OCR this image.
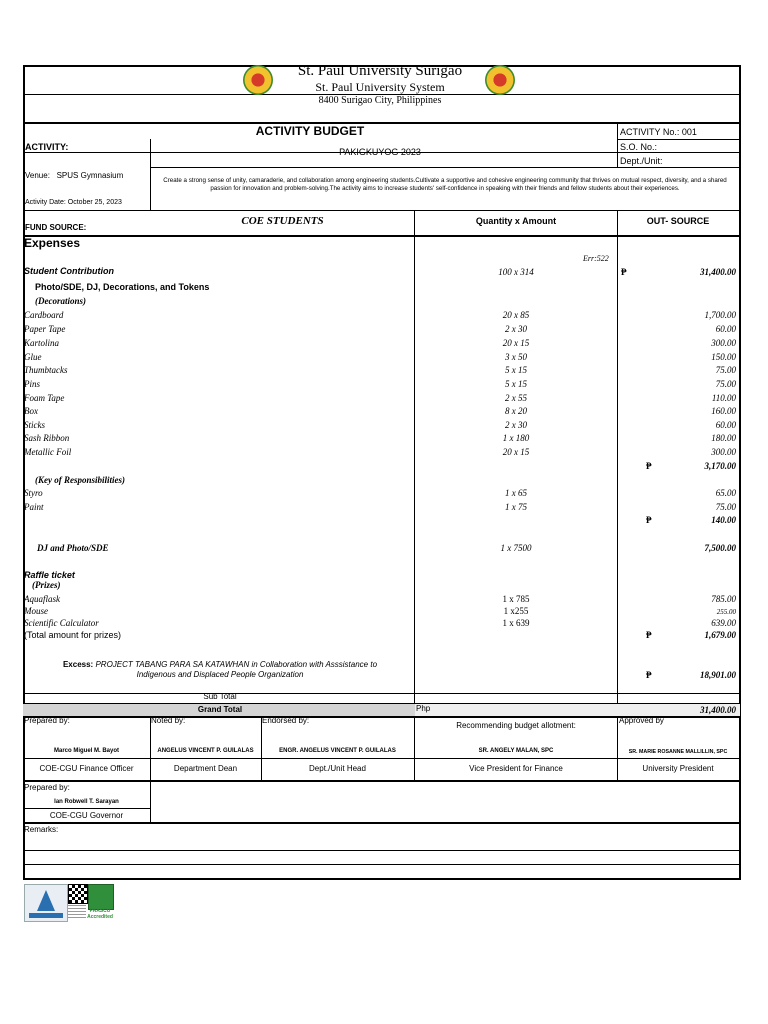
St. Paul University Surigao
St. Paul University System
8400 Surigao City, Philippines
ACTIVITY BUDGET	ACTIVITY No.: 001
ACTIVITY:	PAKIGKUYOG 2023	S.O. No.:
Dept./Unit:
Venue: SPUS Gymnasium
Create a strong sense of unity, camaraderie, and collaboration among engineering students.Cultivate a supportive and cohesive engineering community that thrives on mutual respect, diversity, and a shared passion for innovation and problem-solving.The activity aims to increase students' self-confidence in speaking with their friends and fellow students about their experiences.
Activity Date: October 25, 2023
FUND SOURCE:
COE STUDENTS	Quantity x Amount	OUT- SOURCE
Expenses
Err:522
Student Contribution	100 x 314	₱	31,400.00
Photo/SDE, DJ, Decorations, and Tokens
(Decorations)
Cardboard	20 x 85	1,700.00
Paper Tape	2 x 30	60.00
Kartolina	20 x 15	300.00
Glue	3 x 50	150.00
Thumbtacks	5 x 15	75.00
Pins	5 x 15	75.00
Foam Tape	2 x 55	110.00
Box	8 x 20	160.00
Sticks	2 x 30	60.00
Sash Ribbon	1 x 180	180.00
Metallic Foil	20 x 15	300.00
₱	3,170.00
(Key of Responsibilities)
Styro	1 x 65	65.00
Paint	1 x 75	75.00
₱	140.00
DJ and Photo/SDE	1 x 7500	7,500.00
Raffle ticket
(Prizes)
Aquaflask	1 x 785	785.00
Mouse	1 x255	255.00
Scientific Calculator	1 x 639	639.00
(Total amount for prizes)	₱	1,679.00
Excess: PROJECT TABANG PARA SA KATAWHAN in Collaboration with Asssistance to
Indigenous and Displaced People Organization	₱	18,901.00
Sub Total
Grand Total	Php	31,400.00
Prepared by:	Noted by:	Endorsed by:
Recommending budget allotment:
Approved by
Marco Miguel M. Bayot	ANGELUS VINCENT P. GUILALAS	ENGR. ANGELUS VINCENT P. GUILALAS	SR. ANGELY MALAN, SPC	SR. MARIE ROSANNE MALLILLIN, SPC
COE-CGU Finance Officer	Department Dean	Dept./Unit Head	Vice President for Finance	University President
Prepared by:
Ian Robwell T. Sarayan
COE-CGU Governor
Remarks:
PAASCU
Accredited
